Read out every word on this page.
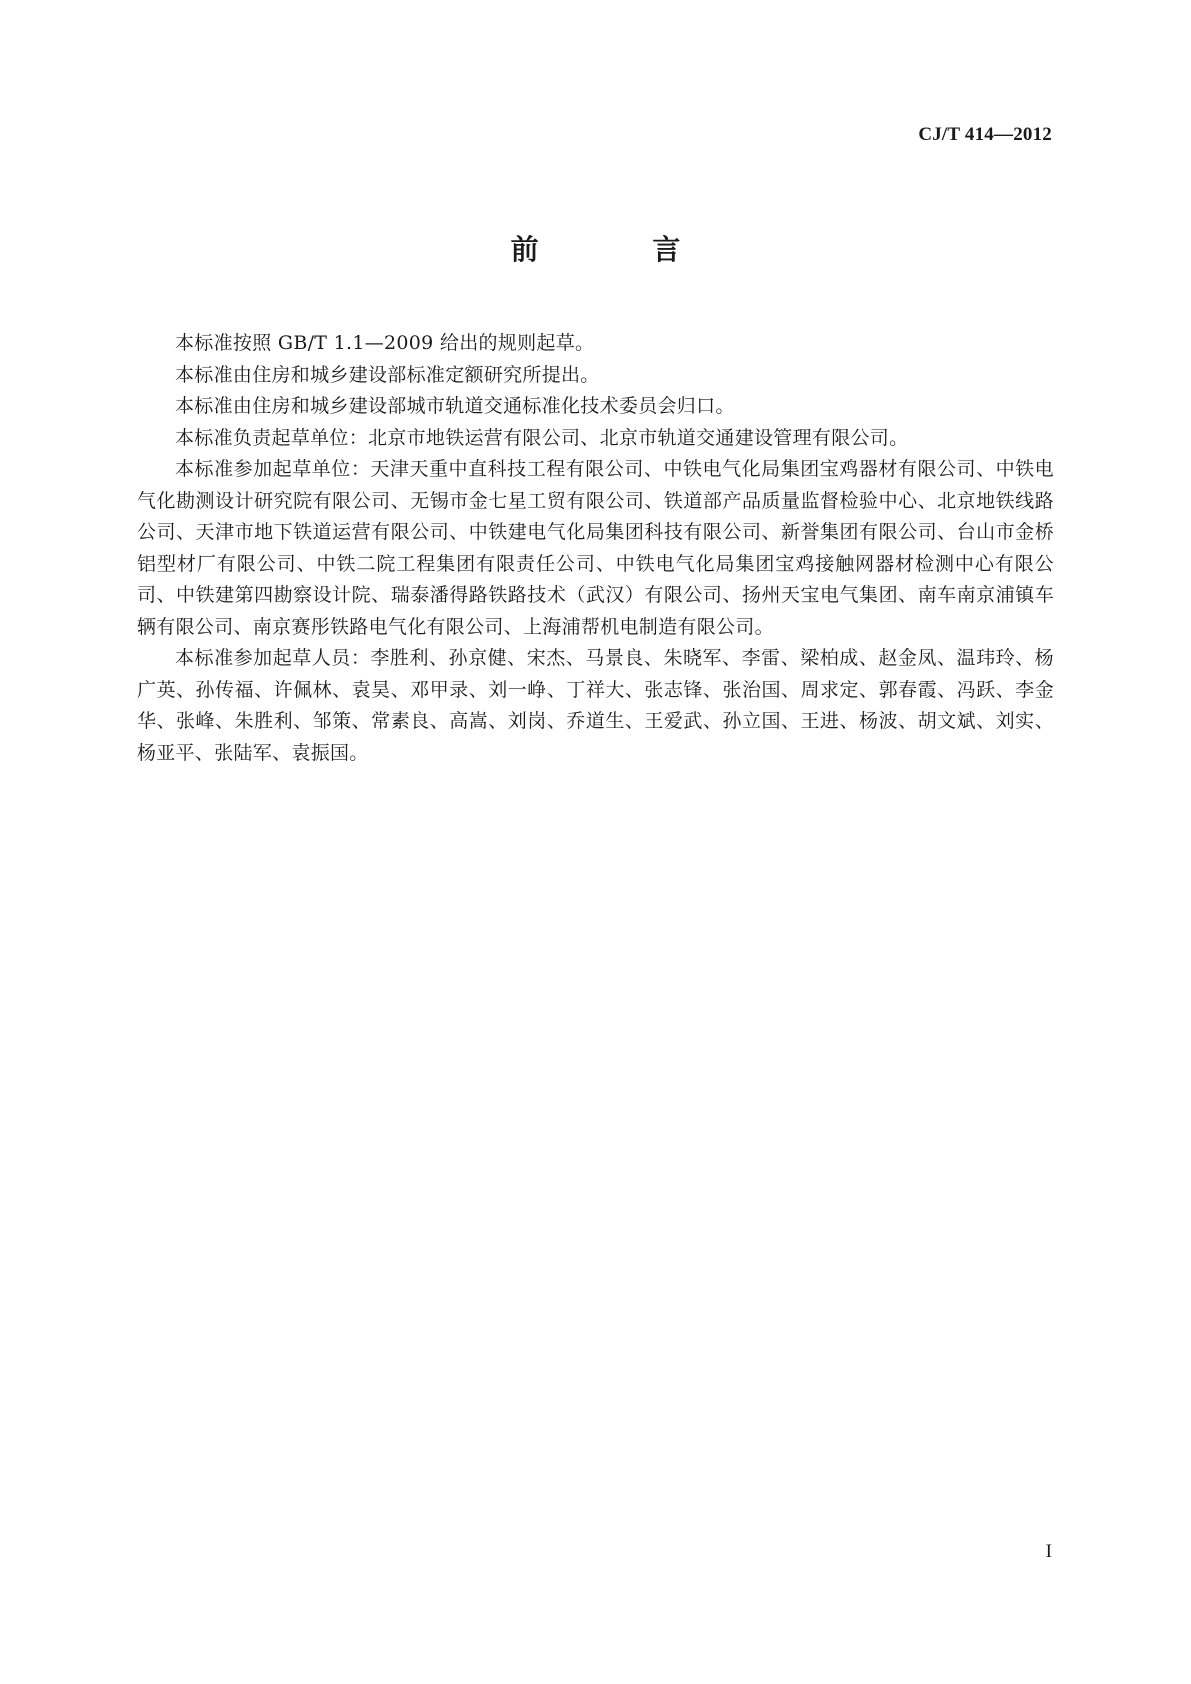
CJ/T 414—2012

前 言

本标准按照 GB/T 1.1—2009 给出的规则起草。

本标准由住房和城乡建设部标准定额研究所提出。

本标准由住房和城乡建设部城市轨道交通标准化技术委员会归口。

本标准负责起草单位：北京市地铁运营有限公司、北京市轨道交通建设管理有限公司。

本标准参加起草单位：天津天重中直科技工程有限公司、中铁电气化局集团宝鸡器材有限公司、中铁电气化勘测设计研究院有限公司、无锡市金七星工贸有限公司、铁道部产品质量监督检验中心、北京地铁线路公司、天津市地下铁道运营有限公司、中铁建电气化局集团科技有限公司、新誉集团有限公司、台山市金桥铝型材厂有限公司、中铁二院工程集团有限责任公司、中铁电气化局集团宝鸡接触网器材检测中心有限公司、中铁建第四勘察设计院、瑞泰潘得路铁路技术（武汉）有限公司、扬州天宝电气集团、南车南京浦镇车辆有限公司、南京赛彤铁路电气化有限公司、上海浦帮机电制造有限公司。

本标准参加起草人员：李胜利、孙京健、宋杰、马景良、朱晓军、李雷、梁柏成、赵金凤、温玮玲、杨广英、孙传福、许佩林、袁昊、邓甲录、刘一峥、丁祥大、张志锋、张治国、周求定、郭春霞、冯跃、李金华、张峰、朱胜利、邹策、常素良、高嵩、刘岗、乔道生、王爱武、孙立国、王进、杨波、胡文斌、刘实、杨亚平、张陆军、袁振国。

I
